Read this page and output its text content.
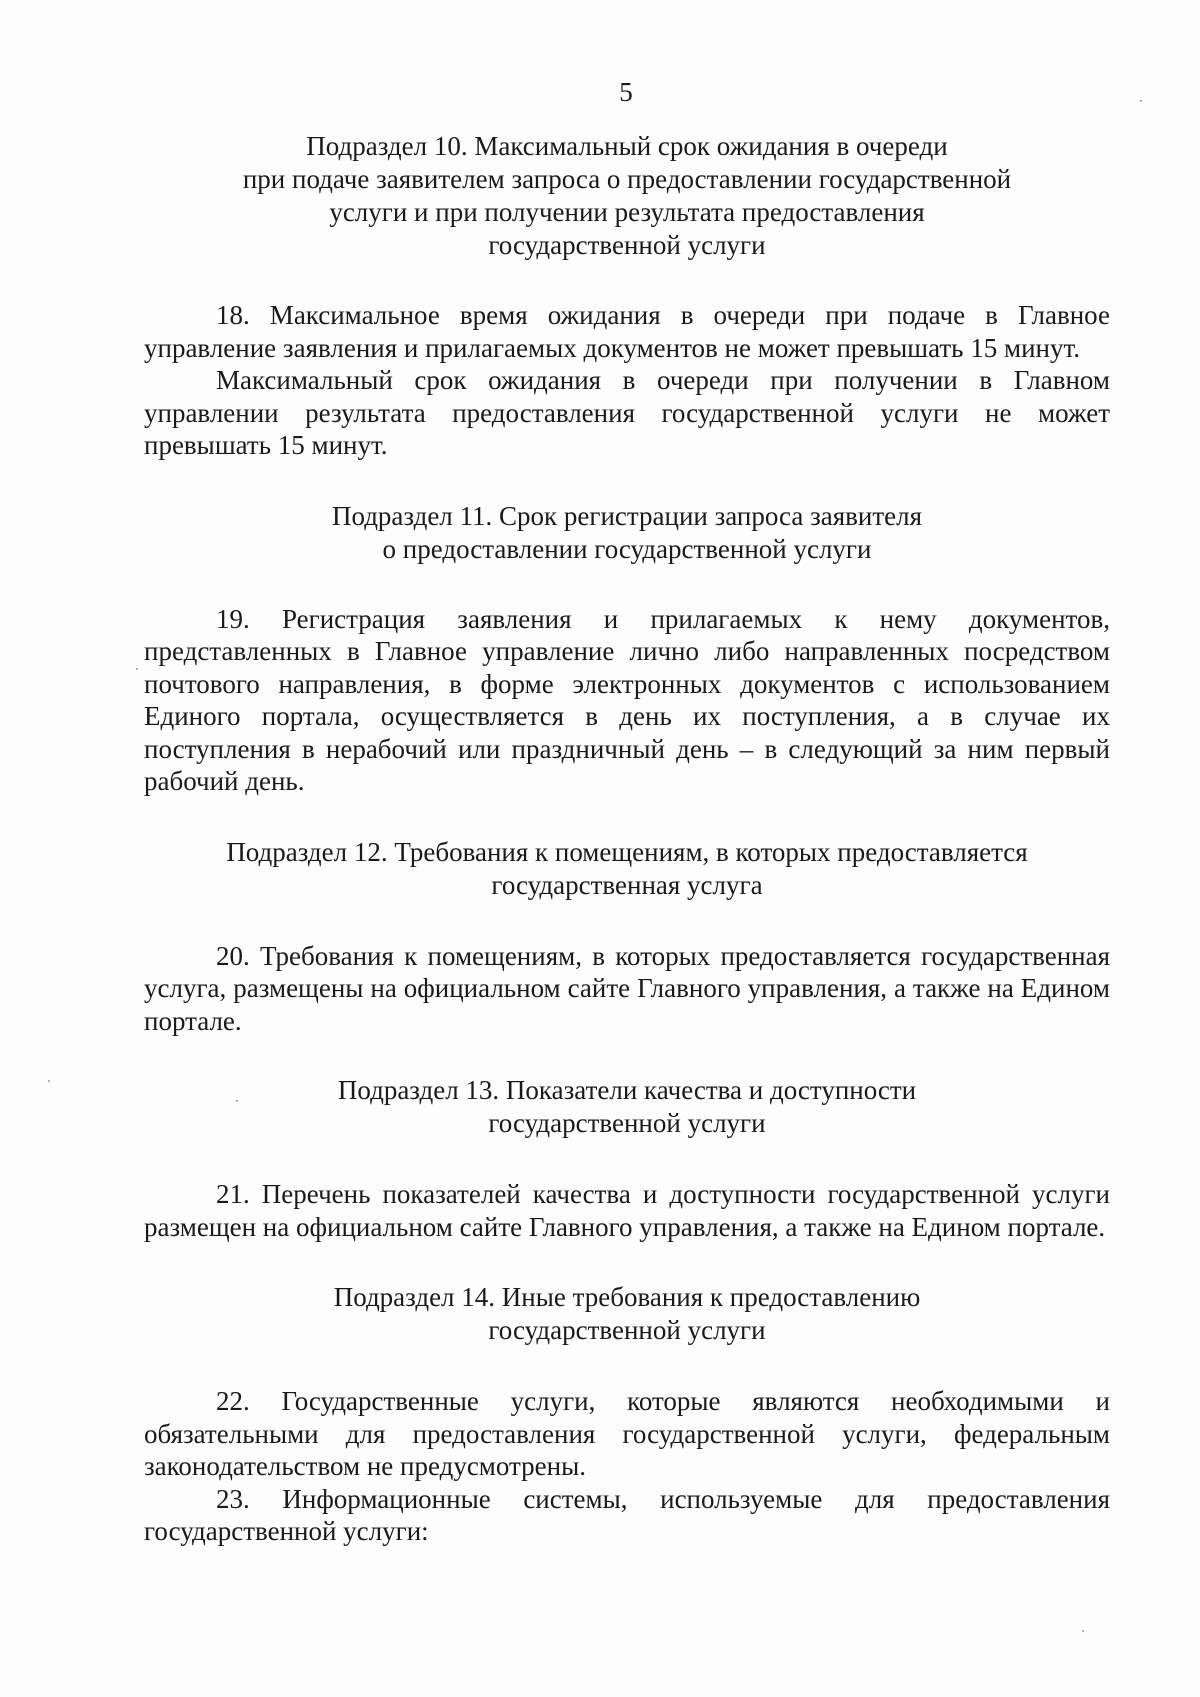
5
Подраздел 10. Максимальный срок ожидания в очереди
при подаче заявителем запроса о предоставлении государственной
услуги и при получении результата предоставления
государственной услуги

18. Максимальное время ожидания в очереди при подаче в Главное управление заявления и прилагаемых документов не может превышать 15 минут.

Максимальный срок ожидания в очереди при получении в Главном управлении результата предоставления государственной услуги не может превышать 15 минут.

Подраздел 11. Срок регистрации запроса заявителя
о предоставлении государственной услуги

19. Регистрация заявления и прилагаемых к нему документов, представленных в Главное управление лично либо направленных посредством почтового направления, в форме электронных документов с использованием Единого портала, осуществляется в день их поступления, а в случае их поступления в нерабочий или праздничный день – в следующий за ним первый рабочий день.

Подраздел 12. Требования к помещениям, в которых предоставляется
государственная услуга

20. Требования к помещениям, в которых предоставляется государственная услуга, размещены на официальном сайте Главного управления, а также на Едином портале.

Подраздел 13. Показатели качества и доступности
государственной услуги

21. Перечень показателей качества и доступности государственной услуги размещен на официальном сайте Главного управления, а также на Едином портале.

Подраздел 14. Иные требования к предоставлению
государственной услуги

22. Государственные услуги, которые являются необходимыми и обязательными для предоставления государственной услуги, федеральным законодательством не предусмотрены.

23. Информационные системы, используемые для предоставления государственной услуги:
